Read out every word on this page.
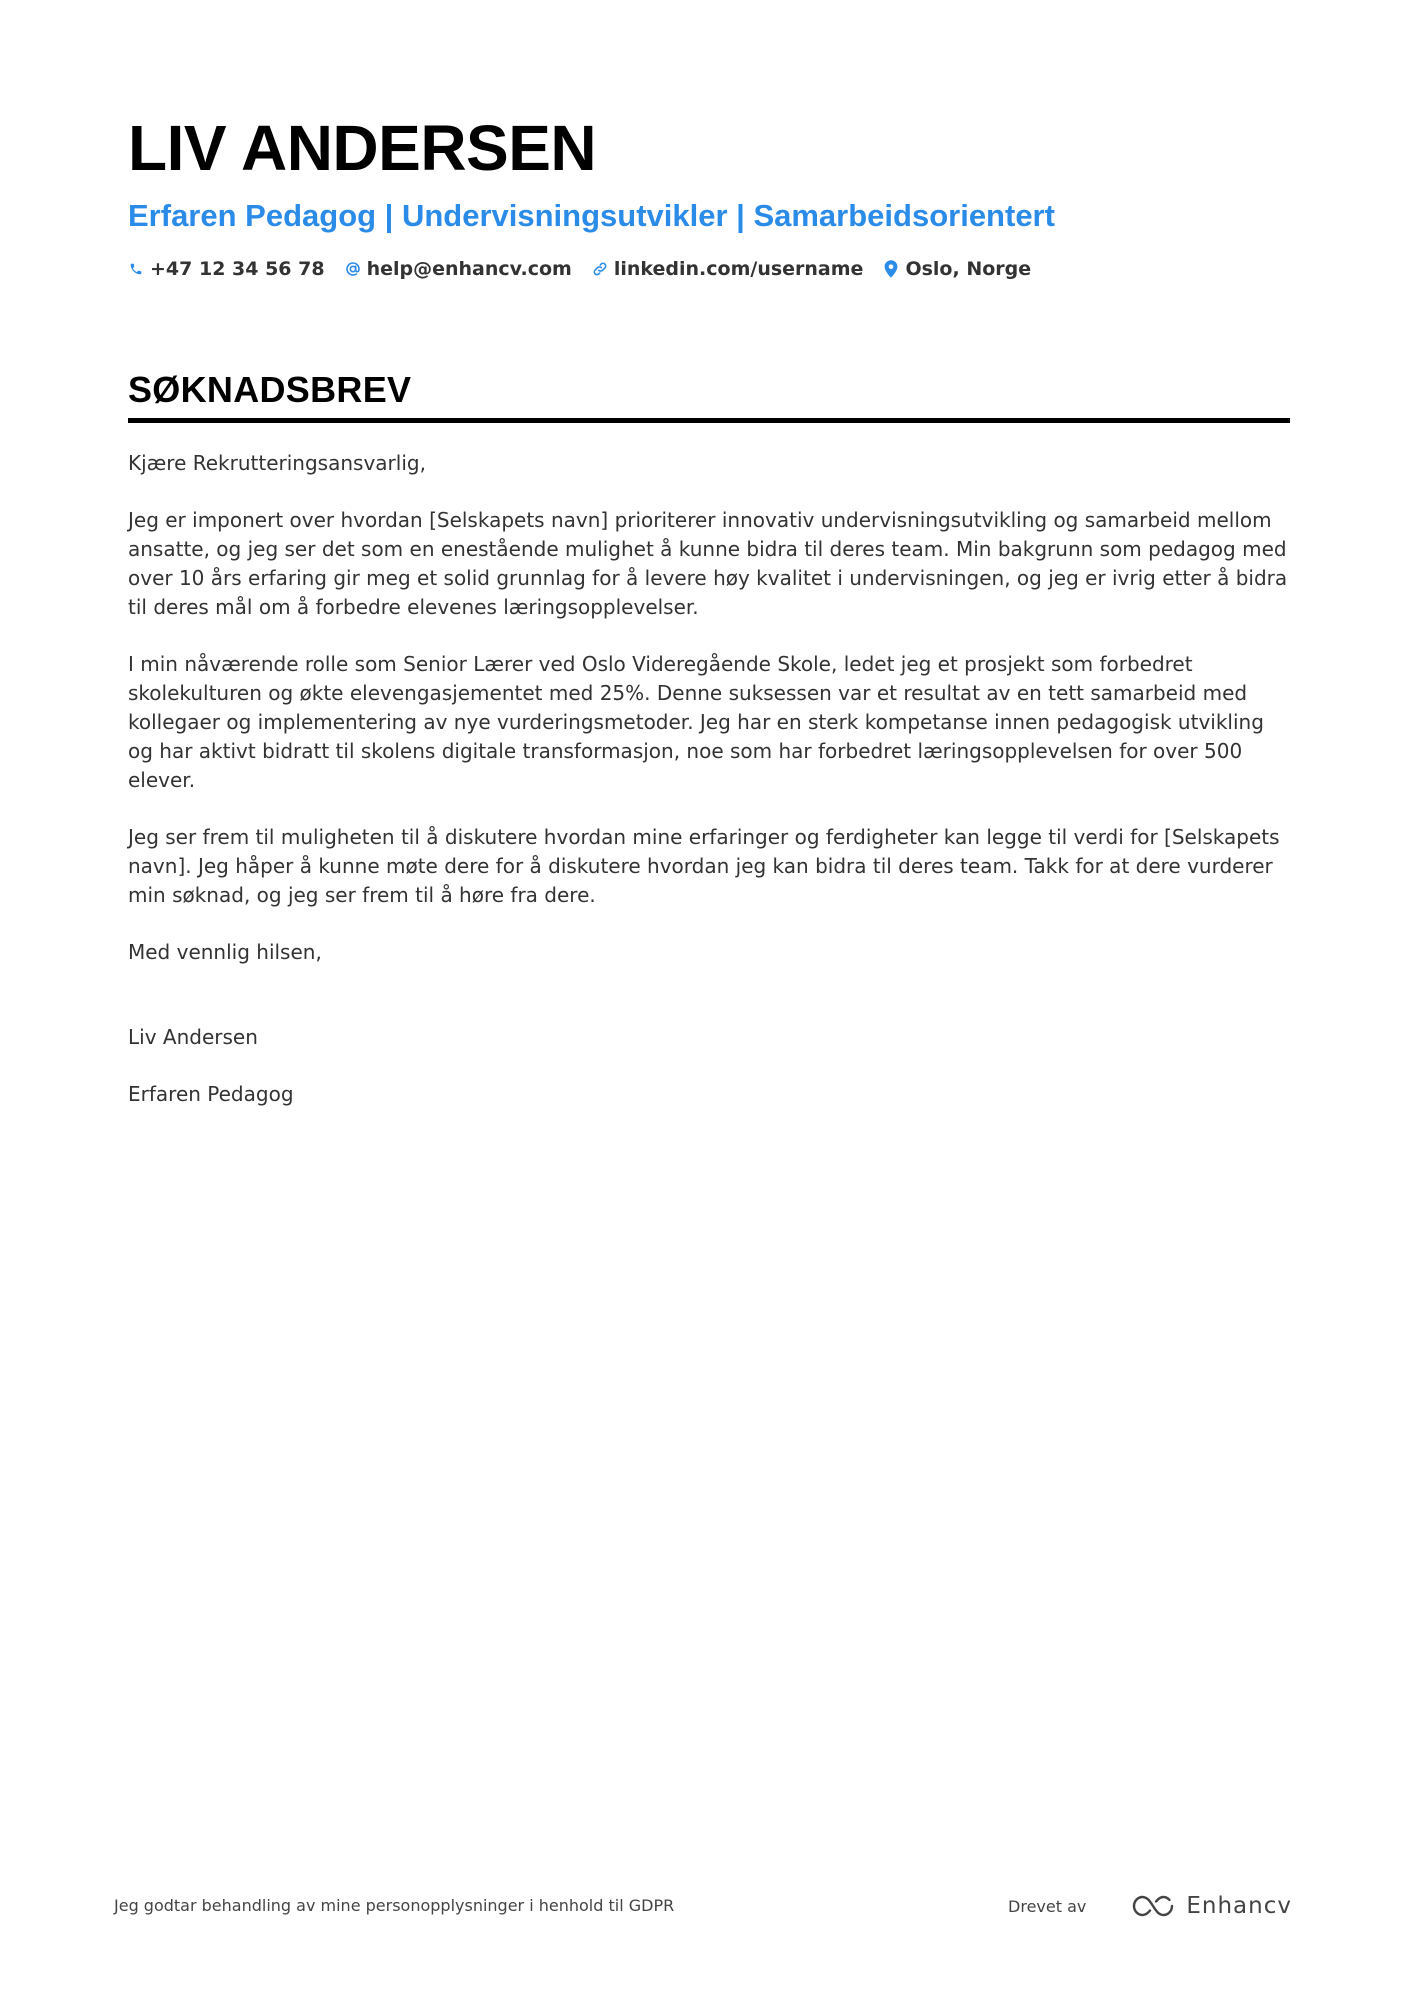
LIV ANDERSEN
Erfaren Pedagog | Undervisningsutvikler | Samarbeidsorientert
+47 12 34 56 78 help@enhancv.com linkedin.com/username Oslo, Norge
SØKNADSBREV

Kjære Rekrutteringsansvarlig,

Jeg er imponert over hvordan [Selskapets navn] prioriterer innovativ undervisningsutvikling og samarbeid mellom ansatte, og jeg ser det som en enestående mulighet å kunne bidra til deres team. Min bakgrunn som pedagog med over 10 års erfaring gir meg et solid grunnlag for å levere høy kvalitet i undervisningen, og jeg er ivrig etter å bidra til deres mål om å forbedre elevenes læringsopplevelser.

I min nåværende rolle som Senior Lærer ved Oslo Videregående Skole, ledet jeg et prosjekt som forbedret skolekulturen og økte elevengasjementet med 25%. Denne suksessen var et resultat av en tett samarbeid med kollegaer og implementering av nye vurderingsmetoder. Jeg har en sterk kompetanse innen pedagogisk utvikling og har aktivt bidratt til skolens digitale transformasjon, noe som har forbedret læringsopplevelsen for over 500 elever.

Jeg ser frem til muligheten til å diskutere hvordan mine erfaringer og ferdigheter kan legge til verdi for [Selskapets navn]. Jeg håper å kunne møte dere for å diskutere hvordan jeg kan bidra til deres team. Takk for at dere vurderer min søknad, og jeg ser frem til å høre fra dere.

Med vennlig hilsen,

Liv Andersen

Erfaren Pedagog

Jeg godtar behandling av mine personopplysninger i henhold til GDPR	Drevet av	Enhancv
